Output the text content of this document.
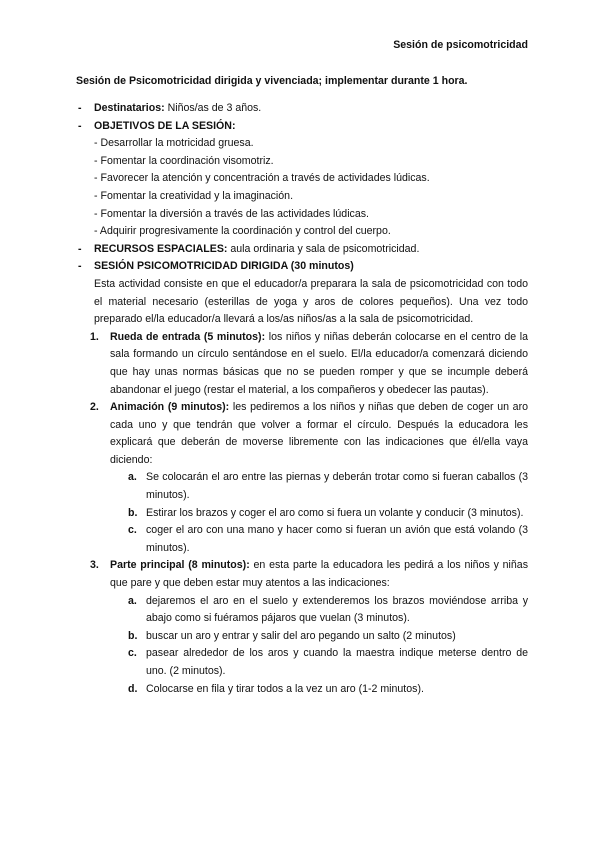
Sesión de psicomotricidad
Sesión de Psicomotricidad dirigida y vivenciada; implementar durante 1 hora.
- Destinatarios: Niños/as de 3 años.
- OBJETIVOS DE LA SESIÓN:
- Desarrollar la motricidad gruesa.
- Fomentar la coordinación visomotriz.
- Favorecer la atención y concentración a través de actividades lúdicas.
- Fomentar la creatividad y la imaginación.
- Fomentar la diversión a través de las actividades lúdicas.
- Adquirir progresivamente la coordinación y control del cuerpo.
- RECURSOS ESPACIALES: aula ordinaria y sala de psicomotricidad.
- SESIÓN PSICOMOTRICIDAD DIRIGIDA (30 minutos)
Esta actividad consiste en que el educador/a preparara la sala de psicomotricidad con todo el material necesario (esterillas de yoga y aros de colores pequeños). Una vez todo preparado el/la educador/a llevará a los/as niños/as a la sala de psicomotricidad.
1. Rueda de entrada (5 minutos): los niños y niñas deberán colocarse en el centro de la sala formando un círculo sentándose en el suelo. El/la educador/a comenzará diciendo que hay unas normas básicas que no se pueden romper y que se incumple deberá abandonar el juego (restar el material, a los compañeros y obedecer las pautas).
2. Animación (9 minutos): les pediremos a los niños y niñas que deben de coger un aro cada uno y que tendrán que volver a formar el círculo. Después la educadora les explicará que deberán de moverse libremente con las indicaciones que él/ella vaya diciendo:
a. Se colocarán el aro entre las piernas y deberán trotar como si fueran caballos (3 minutos).
b. Estirar los brazos y coger el aro como si fuera un volante y conducir (3 minutos).
c. coger el aro con una mano y hacer como si fueran un avión que está volando (3 minutos).
3. Parte principal (8 minutos): en esta parte la educadora les pedirá a los niños y niñas que pare y que deben estar muy atentos a las indicaciones:
a. dejaremos el aro en el suelo y extenderemos los brazos moviéndose arriba y abajo como si fuéramos pájaros que vuelan (3 minutos).
b. buscar un aro y entrar y salir del aro pegando un salto (2 minutos)
c. pasear alrededor de los aros y cuando la maestra indique meterse dentro de uno. (2 minutos).
d. Colocarse en fila y tirar todos a la vez un aro (1-2 minutos).
